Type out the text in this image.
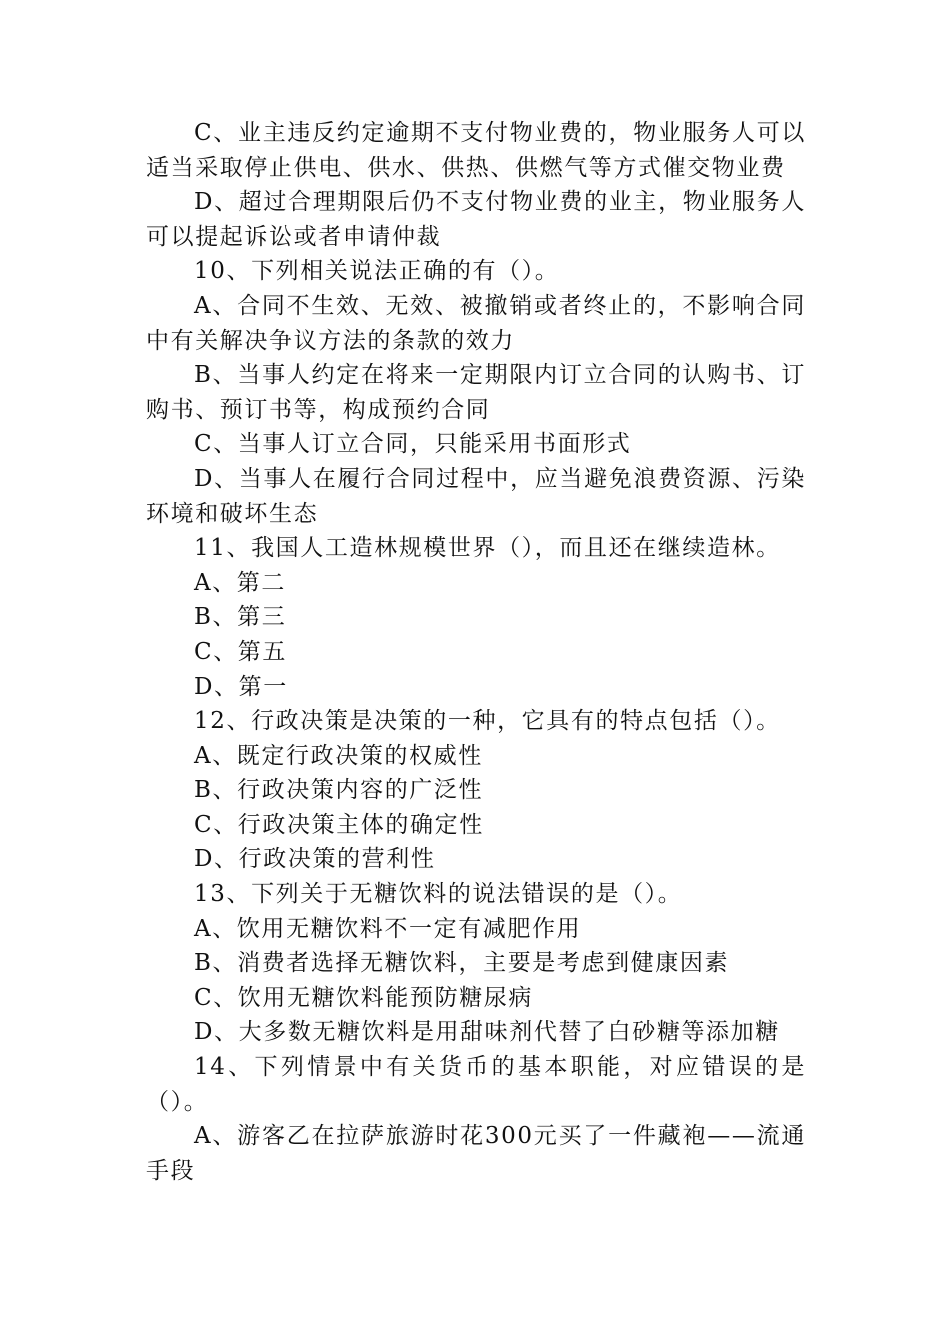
C、业主违反约定逾期不支付物业费的，物业服务人可以适当采取停止供电、供水、供热、供燃气等方式催交物业费

D、超过合理期限后仍不支付物业费的业主，物业服务人可以提起诉讼或者申请仲裁

10、下列相关说法正确的有（）。

A、合同不生效、无效、被撤销或者终止的，不影响合同中有关解决争议方法的条款的效力

B、当事人约定在将来一定期限内订立合同的认购书、订购书、预订书等，构成预约合同

C、当事人订立合同，只能采用书面形式

D、当事人在履行合同过程中，应当避免浪费资源、污染环境和破坏生态

11、我国人工造林规模世界（），而且还在继续造林。

A、第二

B、第三

C、第五

D、第一

12、行政决策是决策的一种，它具有的特点包括（）。

A、既定行政决策的权威性

B、行政决策内容的广泛性

C、行政决策主体的确定性

D、行政决策的营利性

13、下列关于无糖饮料的说法错误的是（）。

A、饮用无糖饮料不一定有减肥作用

B、消费者选择无糖饮料，主要是考虑到健康因素

C、饮用无糖饮料能预防糖尿病

D、大多数无糖饮料是用甜味剂代替了白砂糖等添加糖

14、下列情景中有关货币的基本职能，对应错误的是（）。

A、游客乙在拉萨旅游时花300元买了一件藏袍——流通手段
